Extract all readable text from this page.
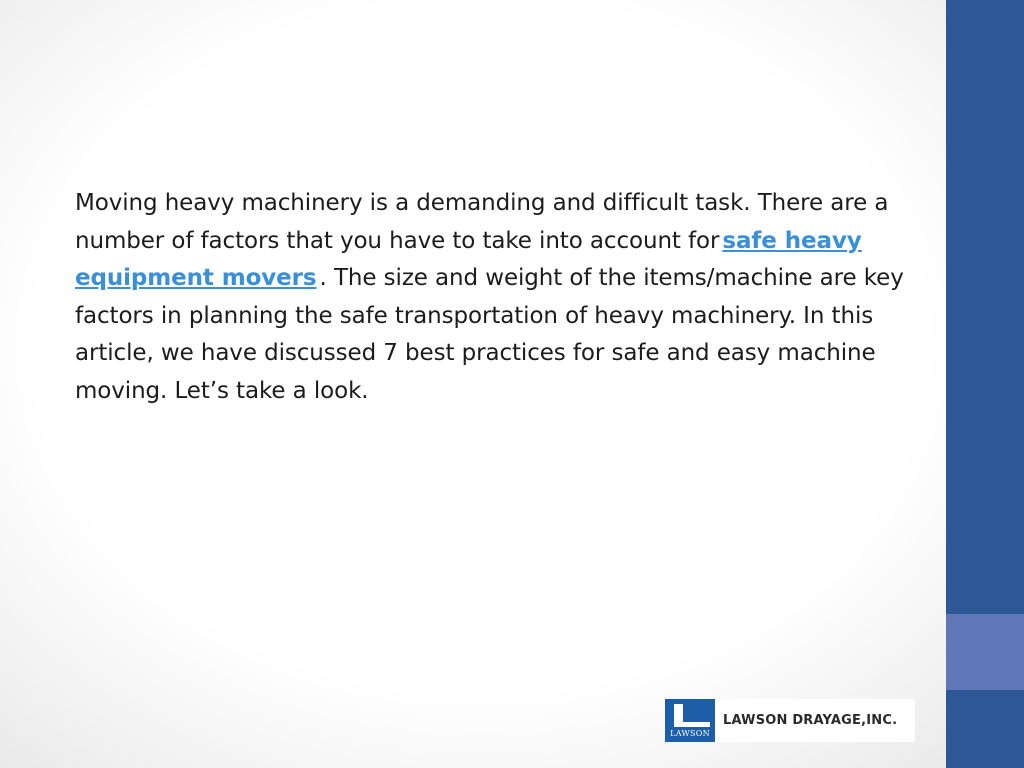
Moving heavy machinery is a demanding and difficult task. There are a number of factors that you have to take into account for safe heavy equipment movers . The size and weight of the items/machine are key factors in planning the safe transportation of heavy machinery. In this article, we have discussed 7 best practices for safe and easy machine moving. Let’s take a look.

LAWSON
LAWSON DRAYAGE,INC.
